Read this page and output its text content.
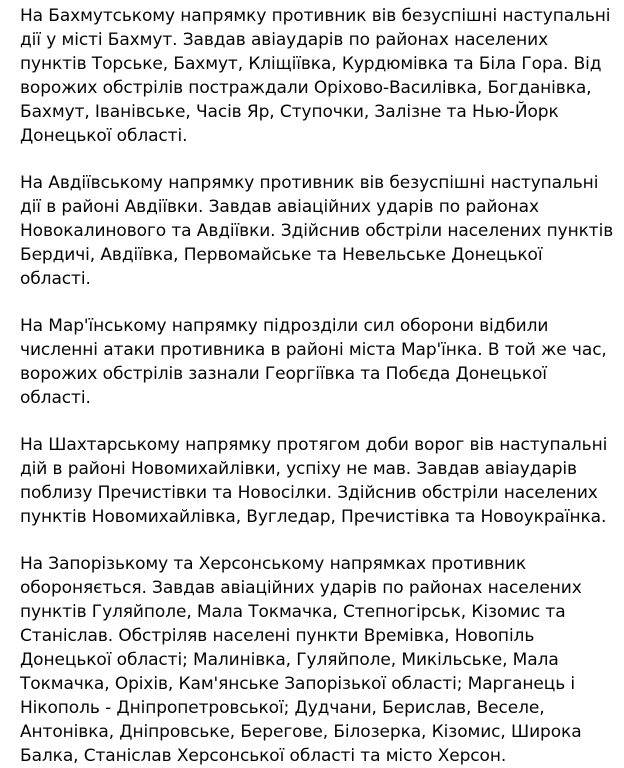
На Бахмутському напрямку противник вів безуспішні наступальні дії у місті Бахмут. Завдав авіаударів по районах населених пунктів Торське, Бахмут, Кліщіївка, Курдюмівка та Біла Гора. Від ворожих обстрілів постраждали Оріхово-Василівка, Богданівка, Бахмут, Іванівське, Часів Яр, Ступочки, Залізне та Нью-Йорк Донецької області.

На Авдіївському напрямку противник вів безуспішні наступальні дії в районі Авдіївки. Завдав авіаційних ударів по районах Новокалинового та Авдіївки. Здійснив обстріли населених пунктів Бердичі, Авдіївка, Первомайське та Невельське Донецької області.

На Мар'їнському напрямку підрозділи сил оборони відбили численні атаки противника в районі міста Мар'їнка. В той же час, ворожих обстрілів зазнали Георгіївка та Побєда Донецької області.

На Шахтарському напрямку протягом доби ворог вів наступальні дій в районі Новомихайлівки, успіху не мав. Завдав авіаударів поблизу Пречистівки та Новосілки. Здійснив обстріли населених пунктів Новомихайлівка, Вугледар, Пречистівка та Новоукраїнка.

На Запорізькому та Херсонському напрямках противник обороняється. Завдав авіаційних ударів по районах населених пунктів Гуляйполе, Мала Токмачка, Степногірськ, Кізомис та Станіслав. Обстріляв населені пункти Времівка, Новопіль Донецької області; Малинівка, Гуляйполе, Микільське, Мала Токмачка, Оріхів, Кам'янське Запорізької області; Марганець і Нікополь - Дніпропетровської; Дудчани, Берислав, Веселе, Антонівка, Дніпровське, Берегове, Білозерка, Кізомис, Широка Балка, Станіслав Херсонської області та місто Херсон.
